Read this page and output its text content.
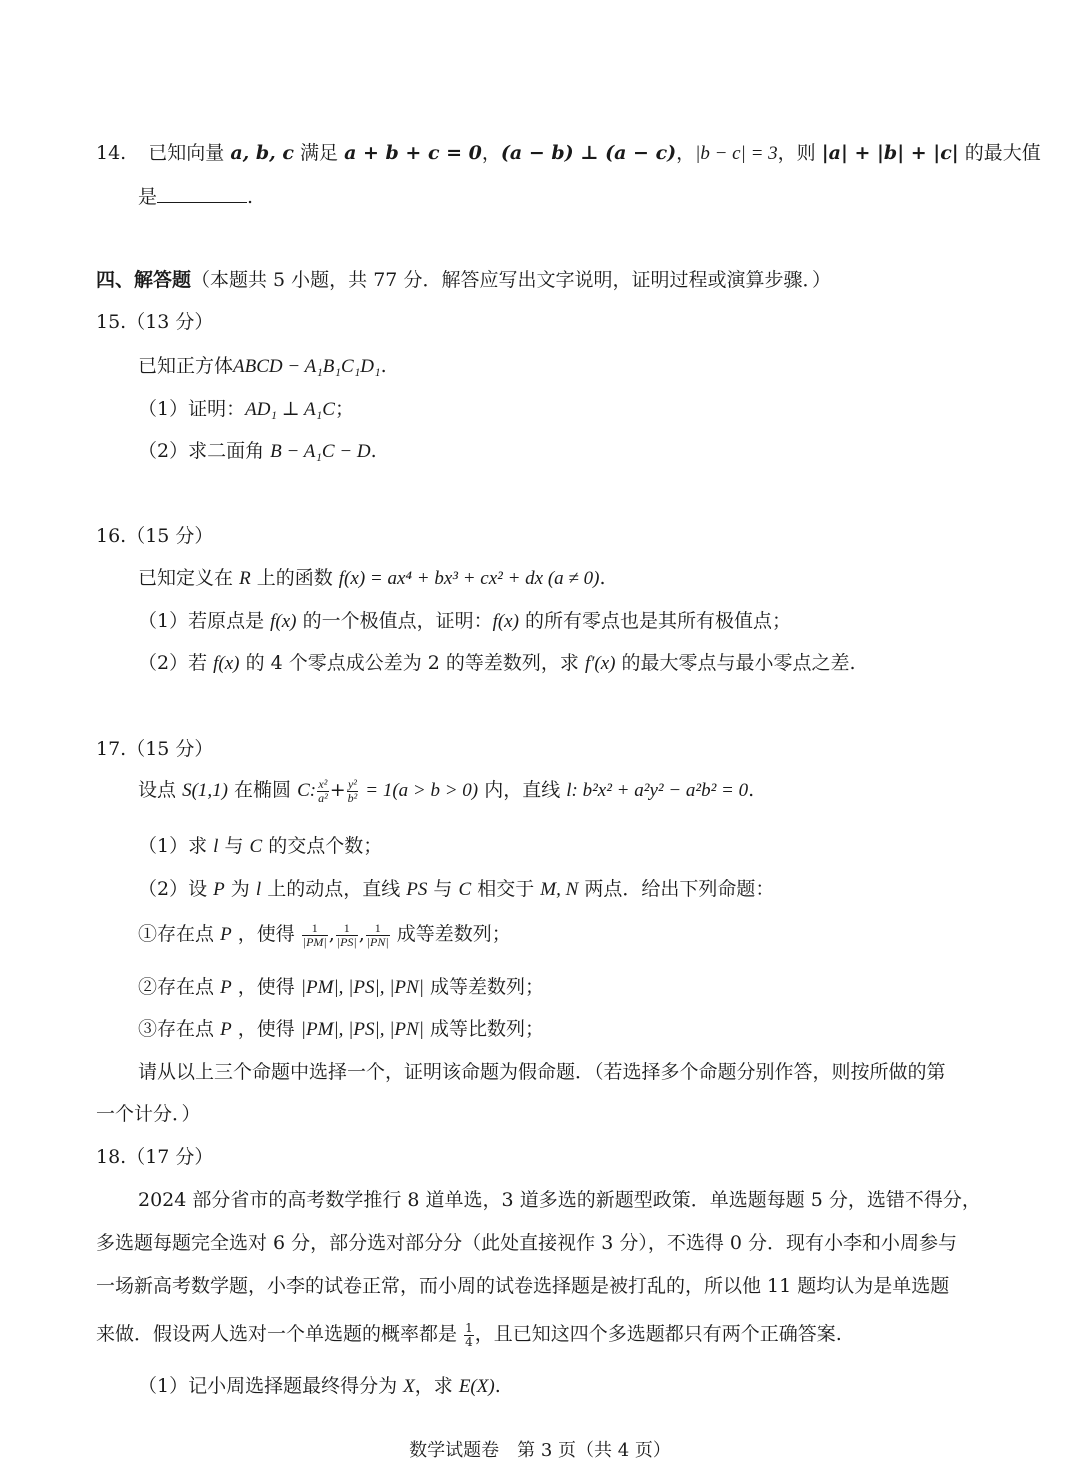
14. 已知向量 a, b, c 满足 a + b + c = 0，(a − b) ⊥ (a − c)，|b − c| = 3，则 |a| + |b| + |c| 的最大值
是	.
四、解答题（本题共 5 小题，共 77 分．解答应写出文字说明，证明过程或演算步骤．）
15.（13 分）
已知正方体ABCD − A₁B₁C₁D₁.
（1）证明：AD₁ ⊥ A₁C；
（2）求二面角 B − A₁C − D.
16.（15 分）
已知定义在 R 上的函数 f(x) = ax⁴ + bx³ + cx² + dx (a ≠ 0).
（1）若原点是 f(x) 的一个极值点，证明：f(x) 的所有零点也是其所有极值点；
（2）若 f(x) 的 4 个零点成公差为 2 的等差数列，求 f′(x) 的最大零点与最小零点之差.
17.（15 分）
设点 S(1,1) 在椭圆 C: $\frac{\text{x²}}{\text{a²}} + \frac{\text{y²}}{\text{b²}} = 1(a > b > 0)$ 内，直线 l: b²x² + a²y² − a²b² = 0.
（1）求 l 与 C 的交点个数；
（2）设 P 为 l 上的动点，直线 PS 与 C 相交于 M, N 两点．给出下列命题：
①存在点 P ，使得 $\frac{1}{|PM|}$ , $\frac{1}{|PS|}$ , $\frac{1}{|PN|}$ 成等差数列；
②存在点 P ，使得 |PM|, |PS|, |PN| 成等差数列；
③存在点 P ，使得 |PM|, |PS|, |PN| 成等比数列；
请从以上三个命题中选择一个，证明该命题为假命题．（若选择多个命题分别作答，则按所做的第
一个计分．）
18.（17 分）
2024 部分省市的高考数学推行 8 道单选，3 道多选的新题型政策．单选题每题 5 分，选错不得分，
多选题每题完全选对 6 分，部分选对部分分（此处直接视作 3 分），不选得 0 分．现有小李和小周参与
一场新高考数学题，小李的试卷正常，而小周的试卷选择题是被打乱的，所以他 11 题均认为是单选题
来做．假设两人选对一个单选题的概率都是 $\frac{1}{4}$ ，且已知这四个多选题都只有两个正确答案.
（1）记小周选择题最终得分为 X，求 E(X).
数学试题卷　第 3 页（共 4 页）
